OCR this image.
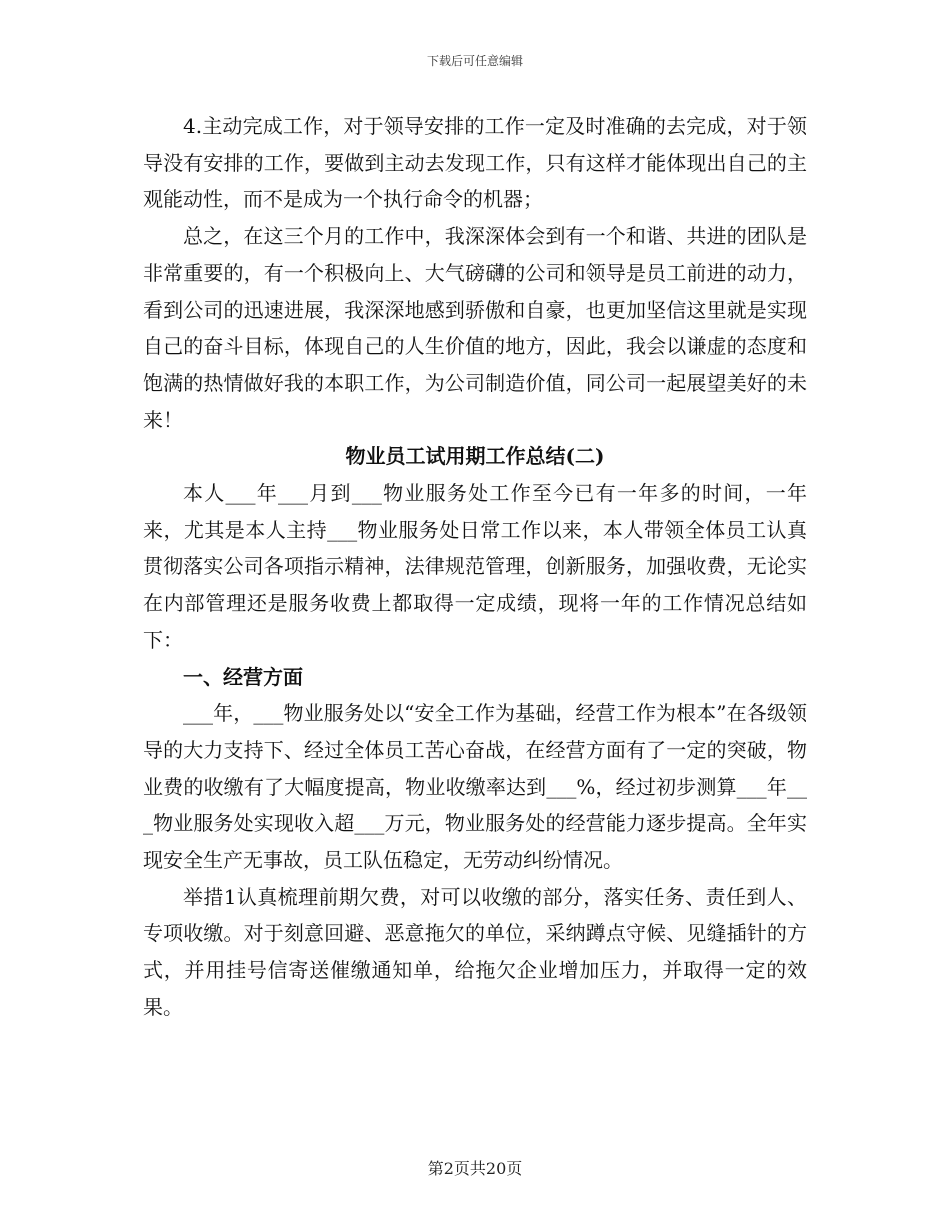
下载后可任意编辑

4.主动完成工作，对于领导安排的工作一定及时准确的去完成，对于领导没有安排的工作，要做到主动去发现工作，只有这样才能体现出自己的主观能动性，而不是成为一个执行命令的机器；

总之，在这三个月的工作中，我深深体会到有一个和谐、共进的团队是非常重要的，有一个积极向上、大气磅礴的公司和领导是员工前进的动力，看到公司的迅速进展，我深深地感到骄傲和自豪，也更加坚信这里就是实现自己的奋斗目标，体现自己的人生价值的地方，因此，我会以谦虚的态度和饱满的热情做好我的本职工作，为公司制造价值，同公司一起展望美好的未来！

物业员工试用期工作总结(二)

本人___年___月到___物业服务处工作至今已有一年多的时间，一年来，尤其是本人主持___物业服务处日常工作以来，本人带领全体员工认真贯彻落实公司各项指示精神，法律规范管理，创新服务，加强收费，无论实在内部管理还是服务收费上都取得一定成绩，现将一年的工作情况总结如下：

一、经营方面

___年，___物业服务处以“安全工作为基础，经营工作为根本”在各级领导的大力支持下、经过全体员工苦心奋战，在经营方面有了一定的突破，物业费的收缴有了大幅度提高，物业收缴率达到___%，经过初步测算___年___物业服务处实现收入超___万元，物业服务处的经营能力逐步提高。全年实现安全生产无事故，员工队伍稳定，无劳动纠纷情况。

举措1认真梳理前期欠费，对可以收缴的部分，落实任务、责任到人、专项收缴。对于刻意回避、恶意拖欠的单位，采纳蹲点守候、见缝插针的方式，并用挂号信寄送催缴通知单，给拖欠企业增加压力，并取得一定的效果。

第2页共20页
